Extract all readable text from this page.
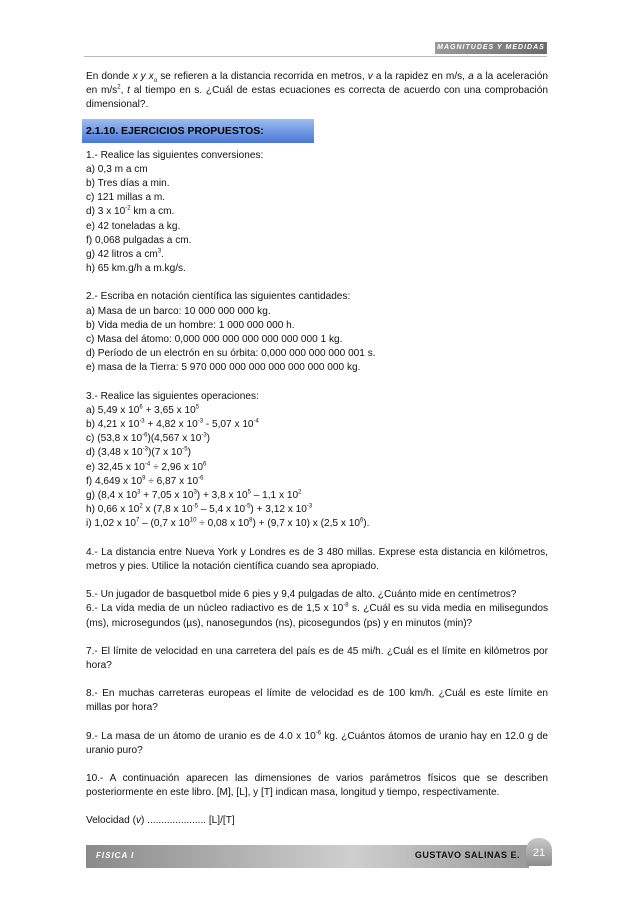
MAGNITUDES Y MEDIDAS

En donde x y $x_o$ se refieren a la distancia recorrida en metros, v a la rapidez en m/s, a a la aceleración en $m/s^2$, t al tiempo en s. ¿Cuál de estas ecuaciones es correcta de acuerdo con una comprobación dimensional?.

2.1.10. EJERCICIOS PROPUESTOS:

1.- Realice las siguientes conversiones:

a) 0,3 m a cm

b) Tres días a min.

c) 121 millas a m.

d) 3 x $10^{-2}$ km a cm.

e) 42 toneladas a kg.

f) 0,068 pulgadas a cm.

g) 42 litros a $cm^3$.

h) 65 km.g/h a m.kg/s.

2.- Escriba en notación científica las siguientes cantidades:

a) Masa de un barco: 10 000 000 000 kg.

b) Vida media de un hombre: 1 000 000 000 h.

c) Masa del átomo: 0,000 000 000 000 000 000 000 1 kg.

d) Período de un electrón en su órbita: 0,000 000 000 000 001 s.

e) masa de la Tierra: 5 970 000 000 000 000 000 000 000 kg.

3.- Realice las siguientes operaciones:

a) 5,49 x $10^6 + 3,65$ x $10^5$

b) 4,21 x $10^{-3} + 4,82$ x $10^{-3} - 5,07$ x $10^{-4}$

c) (53,8 x $10^{-6})(4,567$ x $10^{-3}$)

d) (3,48 x $10^{-3})(7$ x $10^{-5}$)

e) 32,45 x $10^{-4} \div 2,96$ x $10^6$

f) 4,649 x $10^9 \div 6,87$ x $10^{-6}$

g) (8,4 x $10^3 + 7,05$ x $10^3) + 3,8$ x $10^5 - 1,1$ x $10^2$

h) 0,66 x $10^2$ x (7,8 x $10^{-5} - 5,4$ x $10^{-5}) + 3,12$ x $10^{-3}$

i) 1,02 x $10^7 - (0,7$ x $10^{10} \div 0,08$ x $10^8) + (9,7$ x 10) x (2,5 x $10^6$).

4.- La distancia entre Nueva York y Londres es de 3 480 millas. Exprese esta distancia en kilómetros, metros y pies. Utilice la notación científica cuando sea apropiado.

5.- Un jugador de basquetbol mide 6 pies y 9,4 pulgadas de alto. ¿Cuánto mide en centímetros?

6.- La vida media de un núcleo radiactivo es de 1,5 x $10^{-8}$ s. ¿Cuál es su vida media en milisegundos (ms), microsegundos (µs), nanosegundos (ns), picosegundos (ps) y en minutos (min)?

7.- El límite de velocidad en una carretera del país es de 45 mi/h. ¿Cuál es el límite en kilómetros por hora?

8.- En muchas carreteras europeas el límite de velocidad es de 100 km/h. ¿Cuál es este límite en millas por hora?

9.- La masa de un átomo de uranio es de 4.0 x $10^{-6}$ kg. ¿Cuántos átomos de uranio hay en 12.0 g de uranio puro?

10.- A continuación aparecen las dimensiones de varios parámetros físicos que se describen posteriormente en este libro. [M], [L], y [T] indican masa, longitud y tiempo, respectivamente.

Velocidad (v) ..................... [L]/[T]

FISICA I	GUSTAVO SALINAS E.	21
